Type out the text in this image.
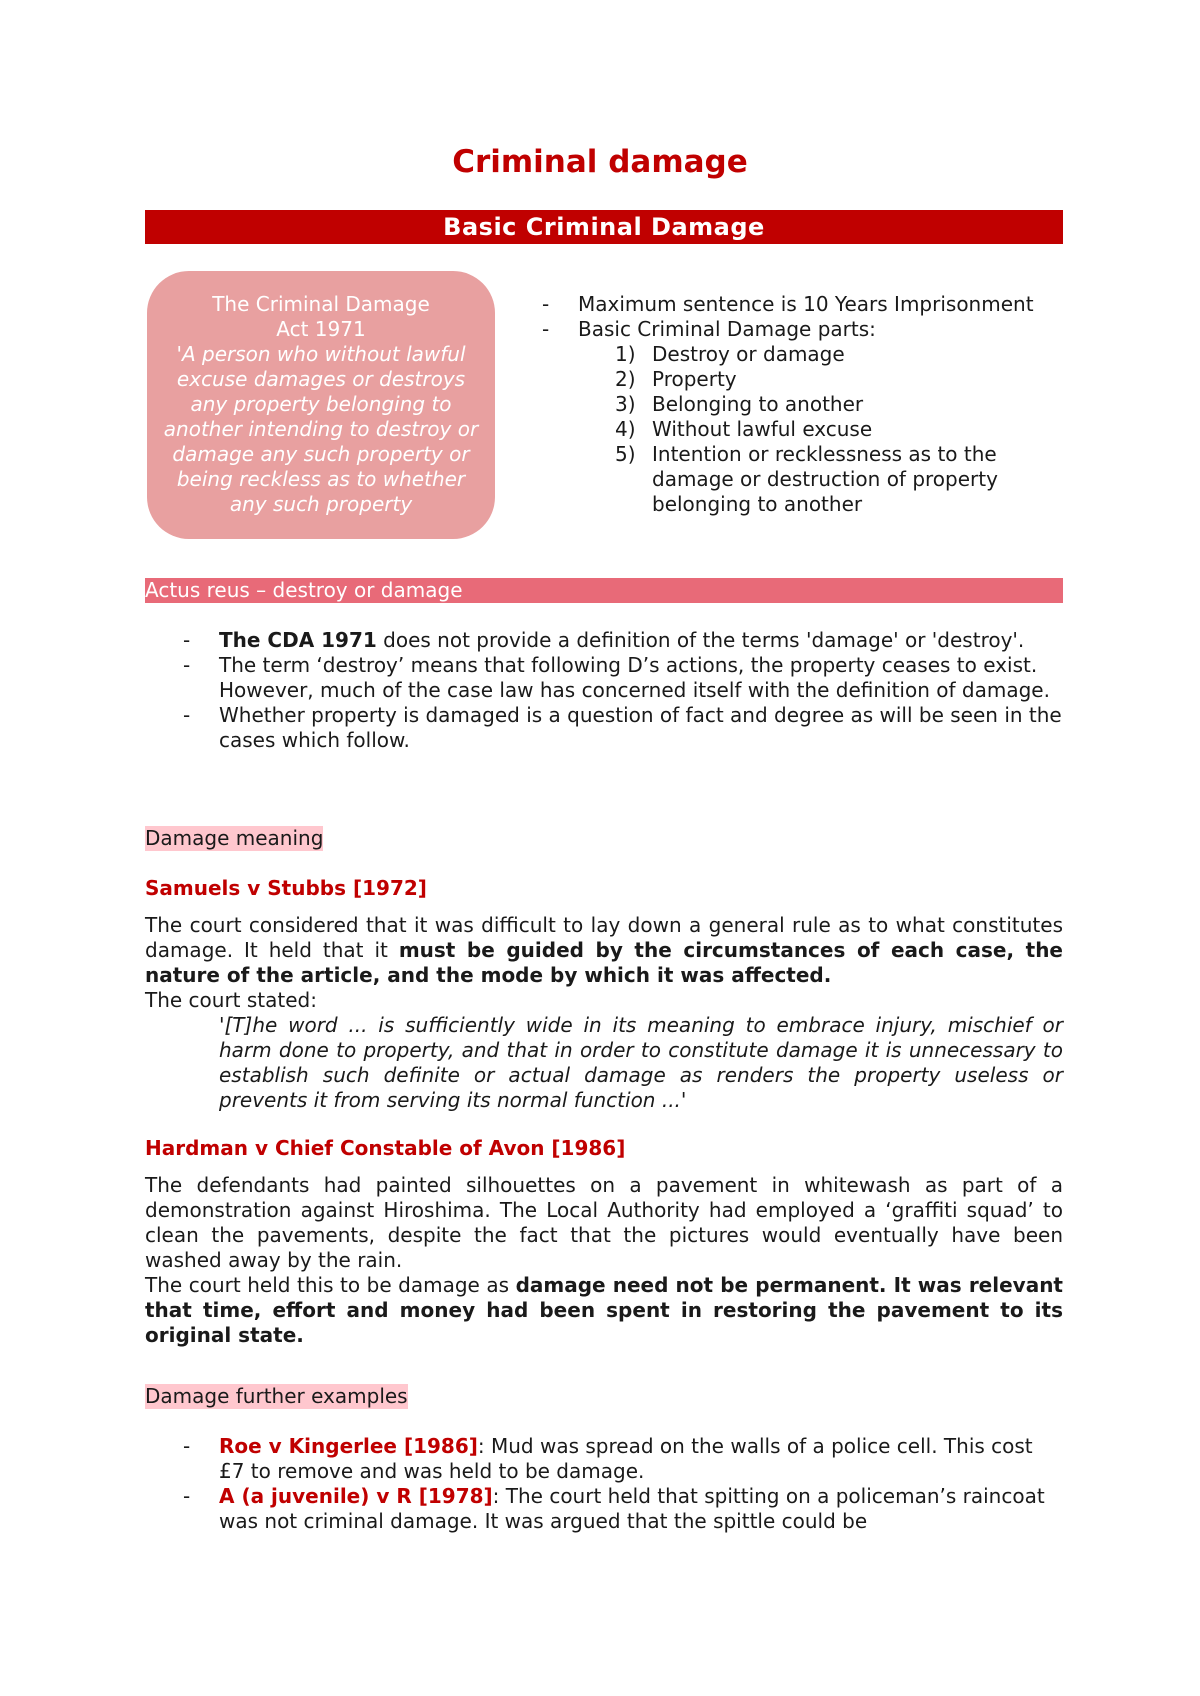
Criminal damage
Basic Criminal Damage
The Criminal Damage
Act 1971
'A person who without lawful excuse damages or destroys any property belonging to another intending to destroy or damage any such property or being reckless as to whether any such property
- Maximum sentence is 10 Years Imprisonment
- Basic Criminal Damage parts:
1) Destroy or damage
2) Property
3) Belonging to another
4) Without lawful excuse
5) Intention or recklessness as to the damage or destruction of property belonging to another
Actus reus – destroy or damage
- The CDA 1971 does not provide a definition of the terms 'damage' or 'destroy'.
- The term ‘destroy’ means that following D’s actions, the property ceases to exist. However, much of the case law has concerned itself with the definition of damage.
- Whether property is damaged is a question of fact and degree as will be seen in the cases which follow.
Damage meaning
Samuels v Stubbs [1972]
The court considered that it was difficult to lay down a general rule as to what constitutes damage. It held that it must be guided by the circumstances of each case, the nature of the article, and the mode by which it was affected.
The court stated:
'[T]he word ... is sufficiently wide in its meaning to embrace injury, mischief or harm done to property, and that in order to constitute damage it is unnecessary to establish such definite or actual damage as renders the property useless or prevents it from serving its normal function ...'
Hardman v Chief Constable of Avon [1986]
The defendants had painted silhouettes on a pavement in whitewash as part of a demonstration against Hiroshima. The Local Authority had employed a ‘graffiti squad’ to clean the pavements, despite the fact that the pictures would eventually have been washed away by the rain.
The court held this to be damage as damage need not be permanent. It was relevant that time, effort and money had been spent in restoring the pavement to its original state.
Damage further examples
- Roe v Kingerlee [1986]: Mud was spread on the walls of a police cell. This cost £7 to remove and was held to be damage.
- A (a juvenile) v R [1978]: The court held that spitting on a policeman’s raincoat was not criminal damage. It was argued that the spittle could be
